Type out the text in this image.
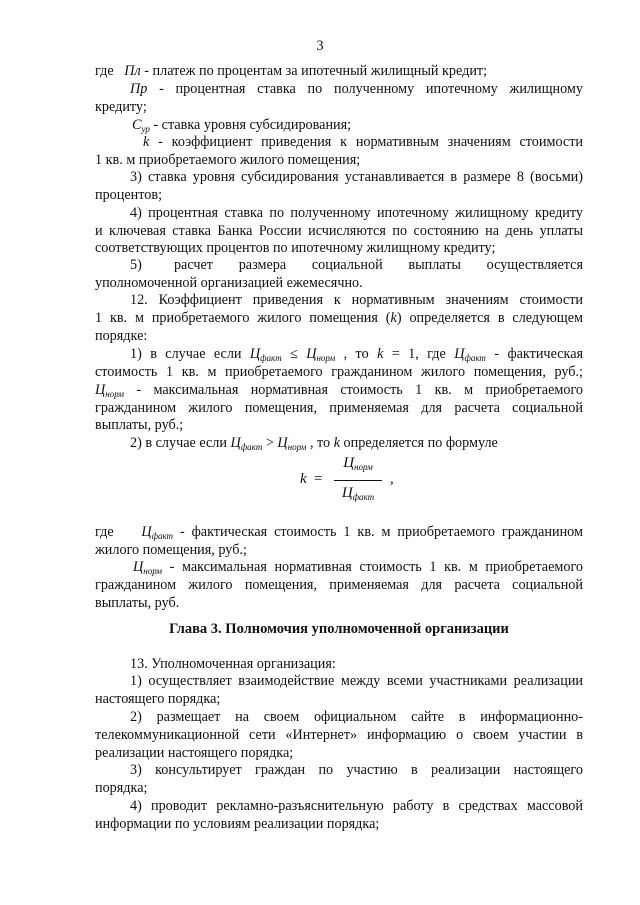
3
где   Пл - платеж по процентам за ипотечный жилищный кредит;
Пр  -  процентная  ставка  по  полученному  ипотечному  жилищному
кредиту;
$С_{ур}$ - ставка уровня субсидирования;
k  -  коэффициент  приведения  к  нормативным  значениям  стоимости
1 кв. м приобретаемого жилого помещения;
3) ставка уровня субсидирования устанавливается в размере 8 (восьми)
процентов;
4) процентная ставка по полученному ипотечному жилищному кредиту
и ключевая ставка Банка России исчисляются по состоянию на день уплаты
соответствующих процентов по ипотечному жилищному кредиту;
5)     расчет    размера    социальной    выплаты    осуществляется
уполномоченной организацией ежемесячно.
12. Коэффициент приведения к нормативным значениям стоимости
1 кв. м приобретаемого жилого помещения (k) определяется в следующем
порядке:
1) в случае если $Ц_{факт} \le Ц_{норм}$ , то k = 1, где $Ц_{факт}$ - фактическая
стоимость 1 кв. м приобретаемого гражданином жилого помещения, руб.;
$Ц_{норм}$  -  максимальная  нормативная  стоимость  1  кв.  м  приобретаемого
гражданином жилого помещения, применяемая для расчета социальной
выплаты, руб.;
2) в случае если $Ц_{факт} > Ц_{норм}$ , то k определяется по формуле
где    $Ц_{факт}$ - фактическая стоимость 1 кв. м приобретаемого гражданином
жилого помещения, руб.;
$Ц_{норм}$ - максимальная нормативная стоимость 1 кв. м приобретаемого
гражданином жилого помещения, применяемая для расчета социальной
выплаты, руб.
13. Уполномоченная организация:
1) осуществляет взаимодействие между всеми участниками реализации
настоящего порядка;
2)  размещает  на  своем  официальном  сайте  в  информационно-
телекоммуникационной сети «Интернет» информацию о своем участии в
реализации настоящего порядка;
3)  консультирует  граждан  по  участию  в  реализации  настоящего
порядка;
4) проводит рекламно-разъяснительную работу в средствах массовой
информации по условиям реализации порядка;
k =
$Ц_{норм}$
$Ц_{факт}$
,
Глава 3. Полномочия уполномоченной организации
